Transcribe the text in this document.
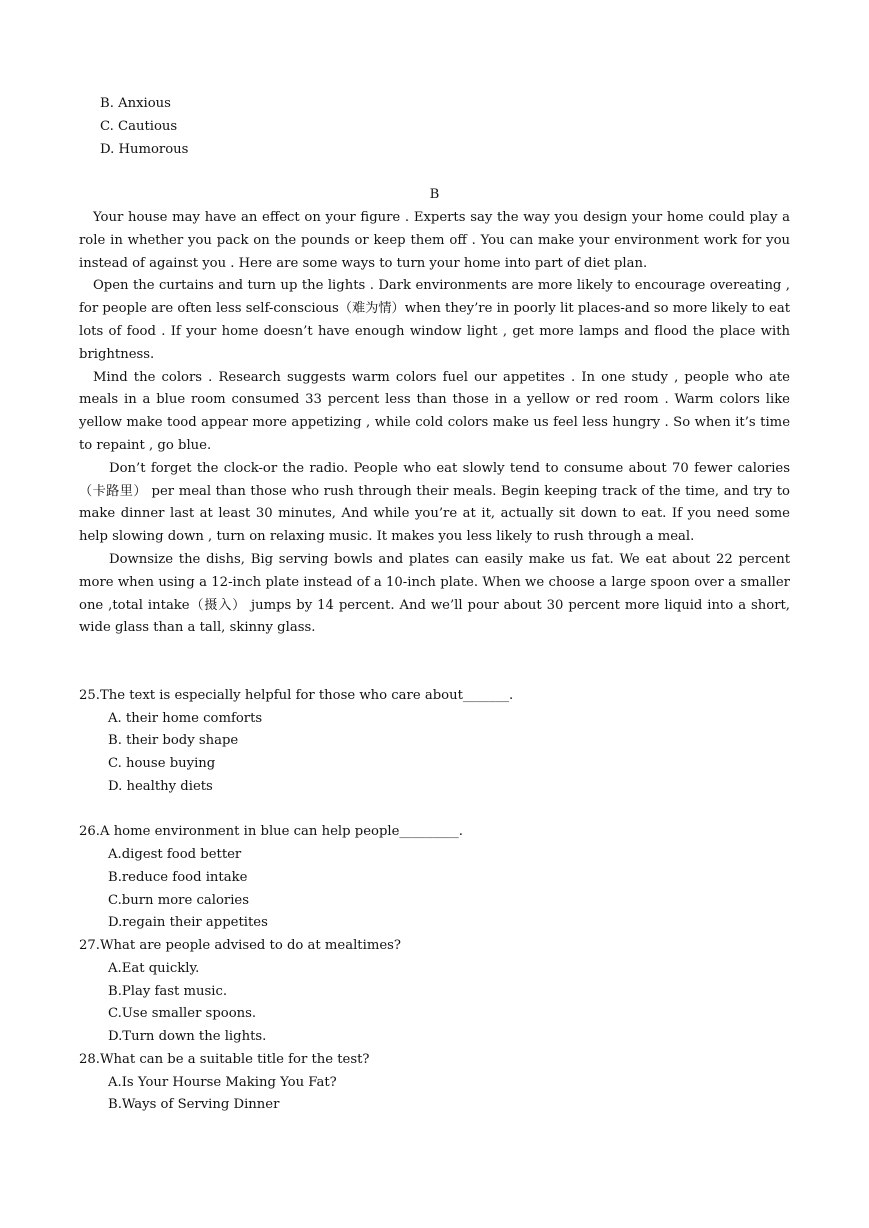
B. Anxious
C. Cautious
D. Humorous
B

Your house may have an effect on your figure . Experts say the way you design your home could play a role in whether you pack on the pounds or keep them off . You can make your environment work for you instead of against you . Here are some ways to turn your home into part of diet plan.

Open the curtains and turn up the lights . Dark environments are more likely to encourage overeating , for people are often less self-conscious（难为情）when they’re in poorly lit places-and so more likely to eat lots of food . If your home doesn’t have enough window light , get more lamps and flood the place with brightness.

Mind the colors . Research suggests warm colors fuel our appetites . In one study , people who ate meals in a blue room consumed 33 percent less than those in a yellow or red room . Warm colors like yellow make tood appear more appetizing , while cold colors make us feel less hungry . So when it’s time to repaint , go blue.

Don’t forget the clock-or the radio. People who eat slowly tend to consume about 70 fewer calories（卡路里） per meal than those who rush through their meals. Begin keeping track of the time, and try to make dinner last at least 30 minutes, And while you’re at it, actually sit down to eat. If you need some help slowing down , turn on relaxing music. It makes you less likely to rush through a meal.

Downsize the dishs, Big serving bowls and plates can easily make us fat. We eat about 22 percent more when using a 12-inch plate instead of a 10-inch plate. When we choose a large spoon over a smaller one ,total intake（摄入） jumps by 14 percent. And we’ll pour about 30 percent more liquid into a short, wide glass than a tall, skinny glass.

25.The text is especially helpful for those who care about_______.
A. their home comforts
B. their body shape
C. house buying
D. healthy diets
26.A home environment in blue can help people_________.
A.digest food better
B.reduce food intake
C.burn more calories
D.regain their appetites
27.What are people advised to do at mealtimes?
A.Eat quickly.
B.Play fast music.
C.Use smaller spoons.
D.Turn down the lights.
28.What can be a suitable title for the test?
A.Is Your Hourse Making You Fat?
B.Ways of Serving Dinner
